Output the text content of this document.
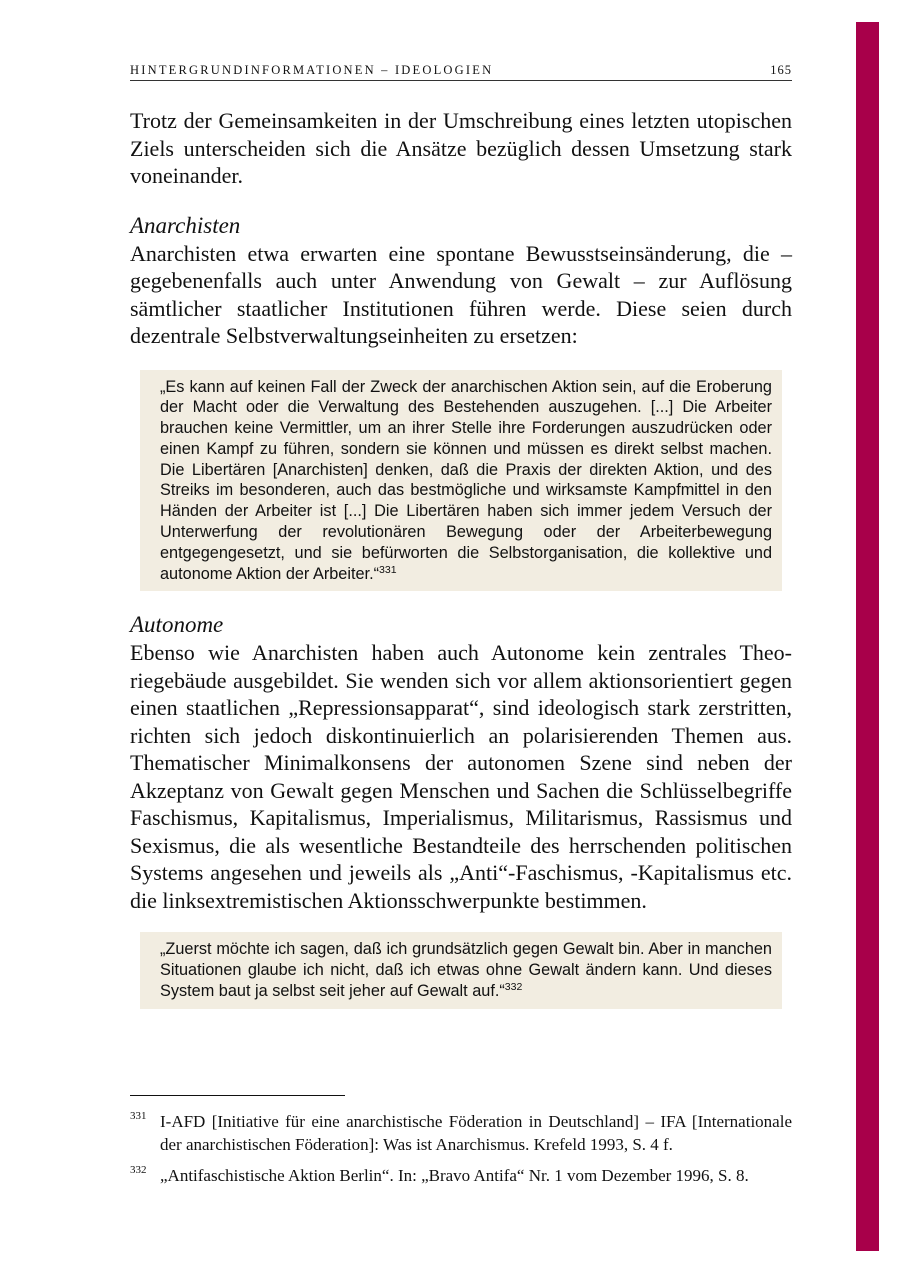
HINTERGRUNDINFORMATIONEN – IDEOLOGIEN	165

Trotz der Gemeinsamkeiten in der Umschreibung eines letzten utopischen Ziels unterscheiden sich die Ansätze bezüglich dessen Umsetzung stark voneinander.

Anarchisten

Anarchisten etwa erwarten eine spontane Bewusstseinsänderung, die – gegebenenfalls auch unter Anwendung von Gewalt – zur Auflösung sämtlicher staatlicher Institutionen führen werde. Diese seien durch dezentrale Selbstverwaltungseinheiten zu ersetzen:

„Es kann auf keinen Fall der Zweck der anarchischen Aktion sein, auf die Eroberung der Macht oder die Verwaltung des Bestehenden auszugehen. [...] Die Arbeiter brauchen keine Vermittler, um an ihrer Stelle ihre Forderungen auszudrücken oder einen Kampf zu führen, sondern sie können und müssen es direkt selbst machen. Die Libertären [Anarchisten] denken, daß die Praxis der direkten Aktion, und des Streiks im besonderen, auch das bestmögliche und wirksamste Kampfmittel in den Händen der Arbeiter ist [...] Die Libertären haben sich immer jedem Versuch der Unterwerfung der revolutionären Bewegung oder der Arbeiterbewegung entgegengesetzt, und sie befürworten die Selbstorganisation, die kollektive und autonome Aktion der Arbeiter.“$^{331}$
Autonome

Ebenso wie Anarchisten haben auch Autonome kein zentrales Theoriegebäude ausgebildet. Sie wenden sich vor allem aktionsorientiert gegen einen staatlichen „Repressionsapparat“, sind ideologisch stark zerstritten, richten sich jedoch diskontinuierlich an polarisierenden Themen aus. Thematischer Minimalkonsens der autonomen Szene sind neben der Akzeptanz von Gewalt gegen Menschen und Sachen die Schlüsselbegriffe Faschismus, Kapitalismus, Imperialismus, Militarismus, Rassismus und Sexismus, die als wesentliche Bestandteile des herrschenden politischen Systems angesehen und jeweils als „Anti“-Faschismus, -Kapitalismus etc. die linksextremistischen Aktionsschwerpunkte bestimmen.

„Zuerst möchte ich sagen, daß ich grundsätzlich gegen Gewalt bin. Aber in manchen Situationen glaube ich nicht, daß ich etwas ohne Gewalt ändern kann. Und dieses System baut ja selbst seit jeher auf Gewalt auf.“$^{332}$
331 I-AFD [Initiative für eine anarchistische Föderation in Deutschland] – IFA [Internationale der anarchistischen Föderation]: Was ist Anarchismus. Krefeld 1993, S. 4 f.
332 „Antifaschistische Aktion Berlin“. In: „Bravo Antifa“ Nr. 1 vom Dezember 1996, S. 8.
